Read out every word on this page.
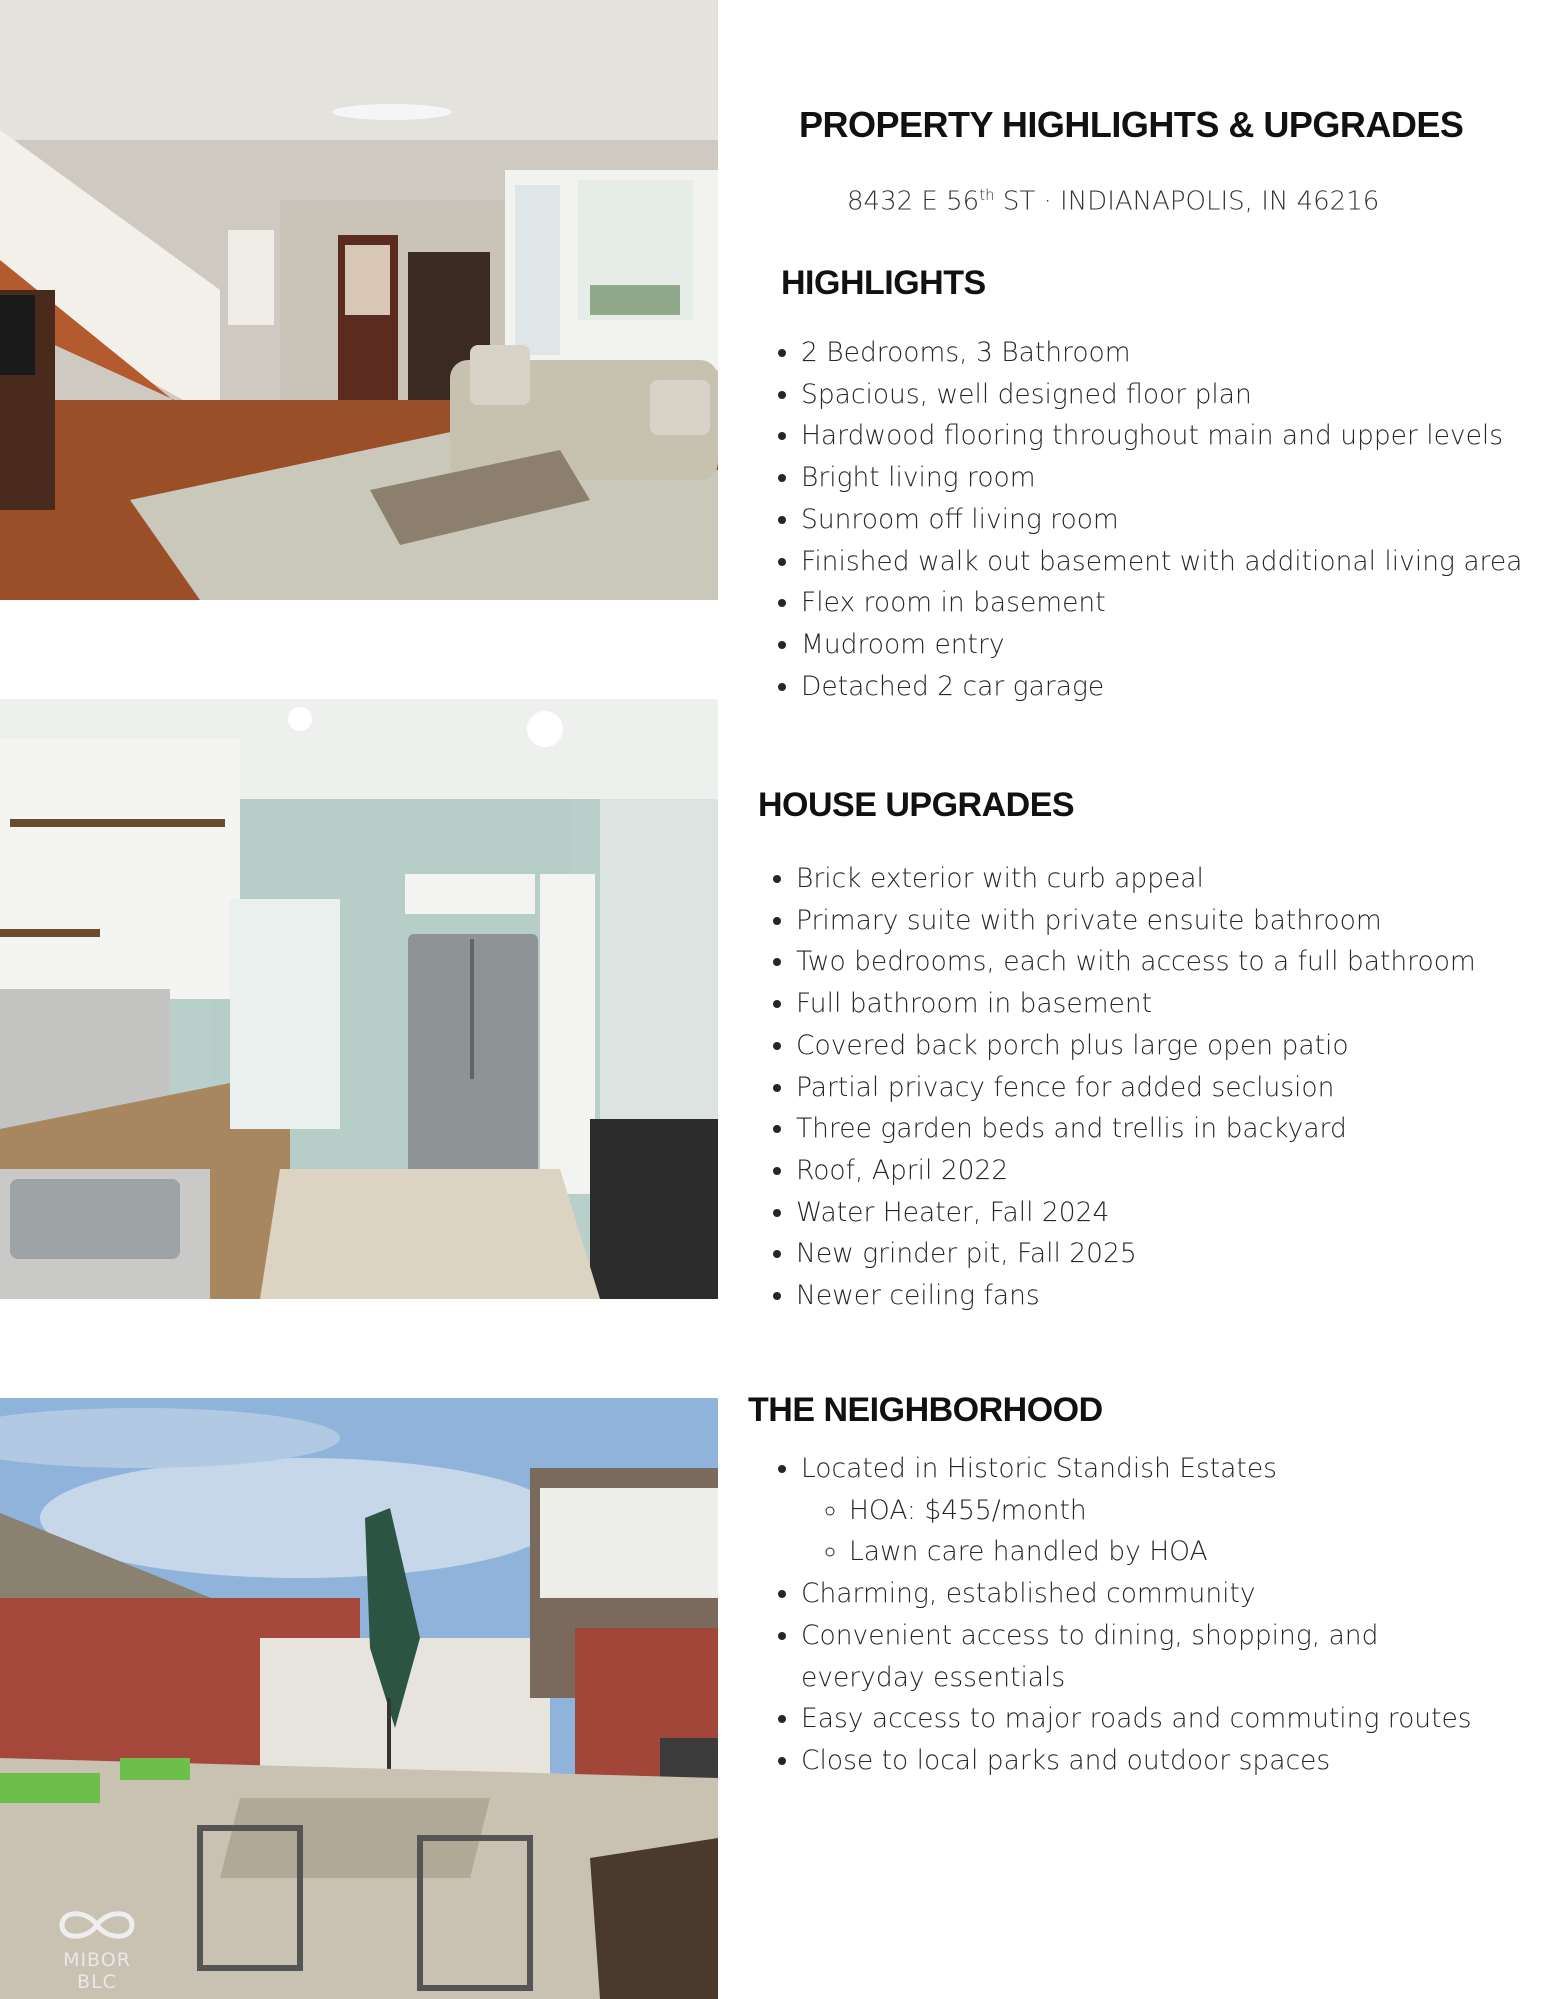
MIBOR BLC
PROPERTY HIGHLIGHTS & UPGRADES
8432 E 56th ST · INDIANAPOLIS, IN 46216
HIGHLIGHTS
• 2 Bedrooms, 3 Bathroom
• Spacious, well designed floor plan
• Hardwood flooring throughout main and upper levels
• Bright living room
• Sunroom off living room
• Finished walk out basement with additional living area
• Flex room in basement
• Mudroom entry
• Detached 2 car garage
HOUSE UPGRADES
• Brick exterior with curb appeal
• Primary suite with private ensuite bathroom
• Two bedrooms, each with access to a full bathroom
• Full bathroom in basement
• Covered back porch plus large open patio
• Partial privacy fence for added seclusion
• Three garden beds and trellis in backyard
• Roof, April 2022
• Water Heater, Fall 2024
• New grinder pit, Fall 2025
• Newer ceiling fans
THE NEIGHBORHOOD
• Located in Historic Standish Estates
◦ HOA: $455/month
◦ Lawn care handled by HOA
• Charming, established community
• Convenient access to dining, shopping, and everyday essentials
• Easy access to major roads and commuting routes
• Close to local parks and outdoor spaces
